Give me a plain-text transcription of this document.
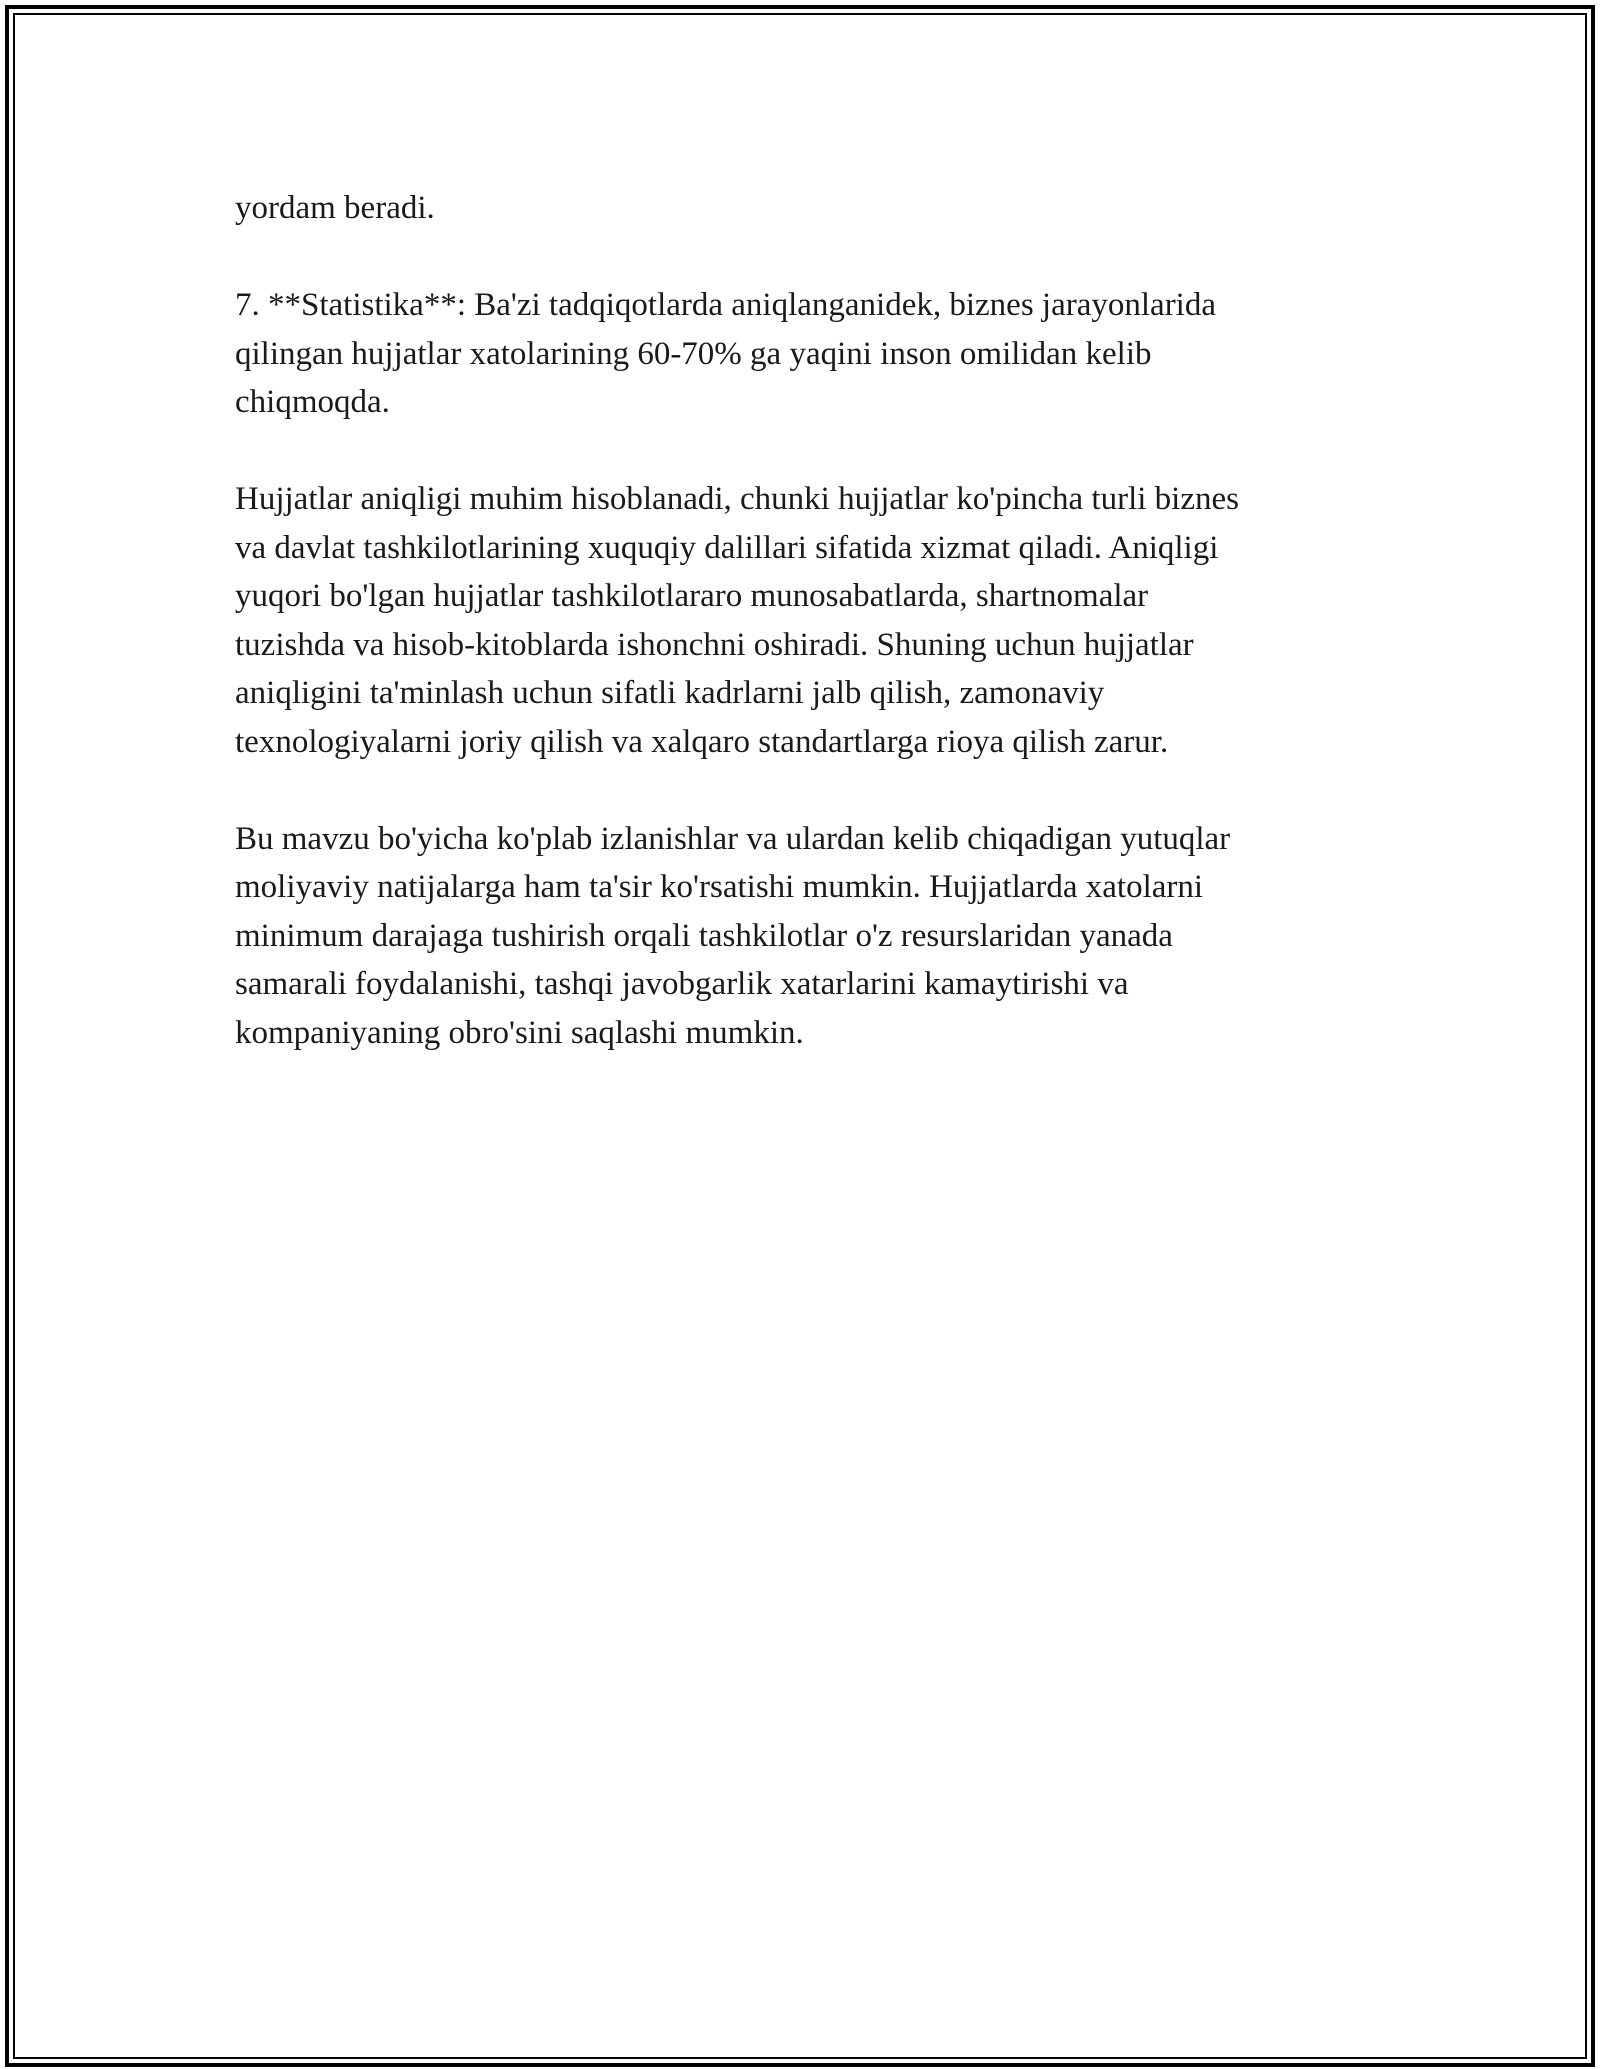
yordam beradi.
7. **Statistika**: Ba'zi tadqiqotlarda aniqlanganidek, biznes jarayonlarida
qilingan hujjatlar xatolarining 60-70% ga yaqini inson omilidan kelib
chiqmoqda.
Hujjatlar aniqligi muhim hisoblanadi, chunki hujjatlar ko'pincha turli biznes
va davlat tashkilotlarining xuquqiy dalillari sifatida xizmat qiladi. Aniqligi
yuqori bo'lgan hujjatlar tashkilotlararo munosabatlarda, shartnomalar
tuzishda va hisob-kitoblarda ishonchni oshiradi. Shuning uchun hujjatlar
aniqligini ta'minlash uchun sifatli kadrlarni jalb qilish, zamonaviy
texnologiyalarni joriy qilish va xalqaro standartlarga rioya qilish zarur.
Bu mavzu bo'yicha ko'plab izlanishlar va ulardan kelib chiqadigan yutuqlar
moliyaviy natijalarga ham ta'sir ko'rsatishi mumkin. Hujjatlarda xatolarni
minimum darajaga tushirish orqali tashkilotlar o'z resurslaridan yanada
samarali foydalanishi, tashqi javobgarlik xatarlarini kamaytirishi va
kompaniyaning obro'sini saqlashi mumkin.
